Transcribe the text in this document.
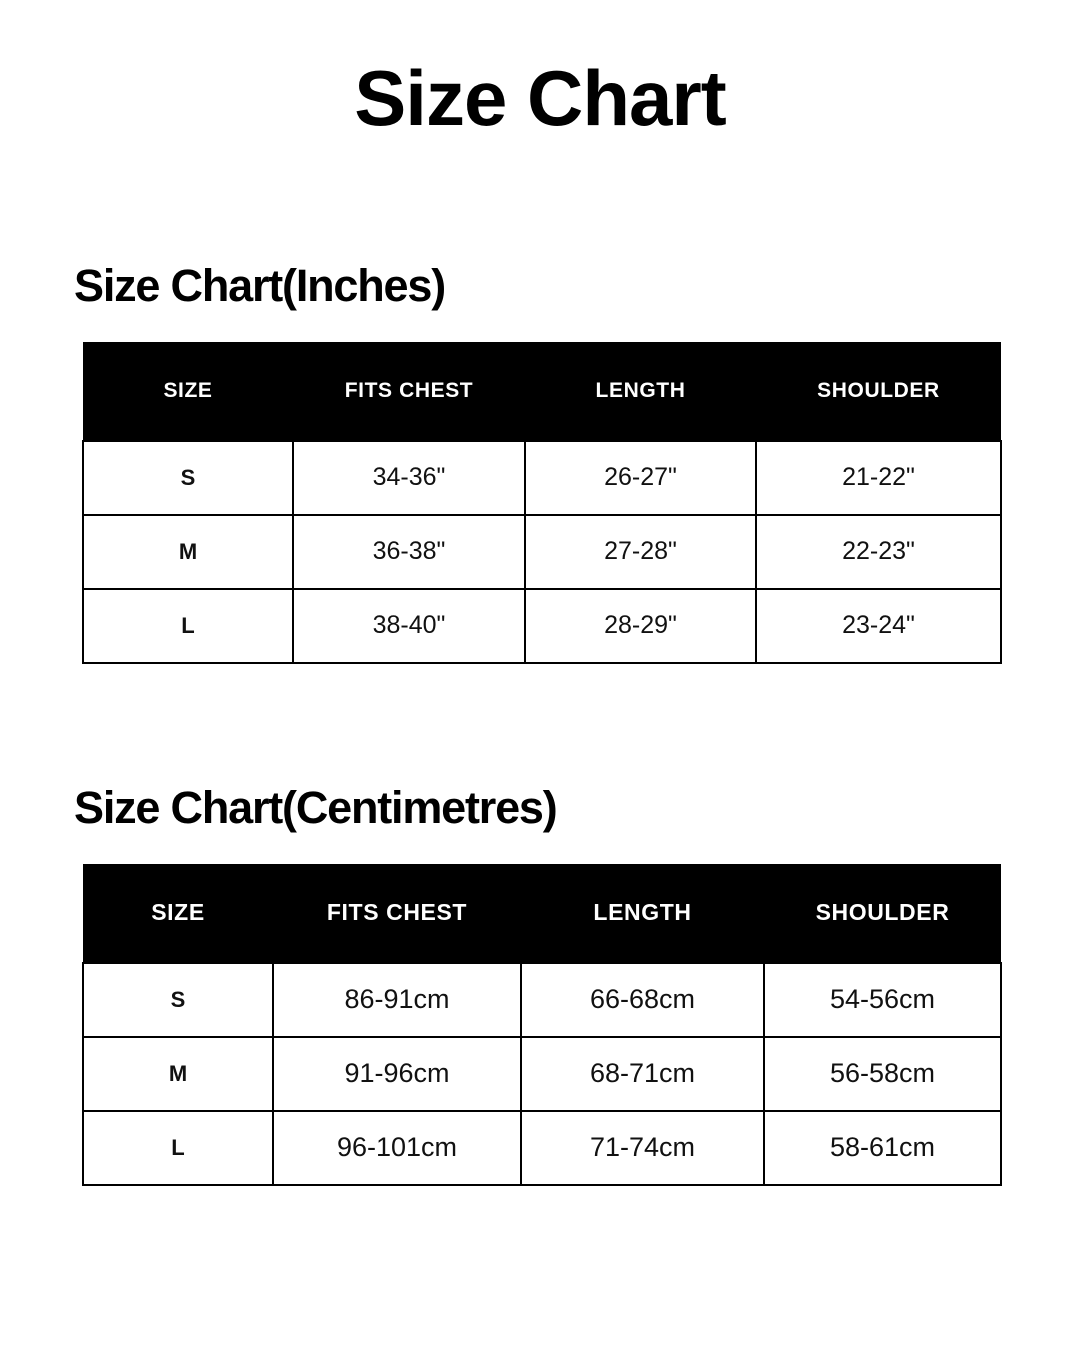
Size Chart
Size Chart(Inches)
SIZE	FITS CHEST	LENGTH	SHOULDER
S	34-36"	26-27"	21-22"
M	36-38"	27-28"	22-23"
L	38-40"	28-29"	23-24"
Size Chart(Centimetres)
SIZE	FITS CHEST	LENGTH	SHOULDER
S	86-91cm	66-68cm	54-56cm
M	91-96cm	68-71cm	56-58cm
L	96-101cm	71-74cm	58-61cm
